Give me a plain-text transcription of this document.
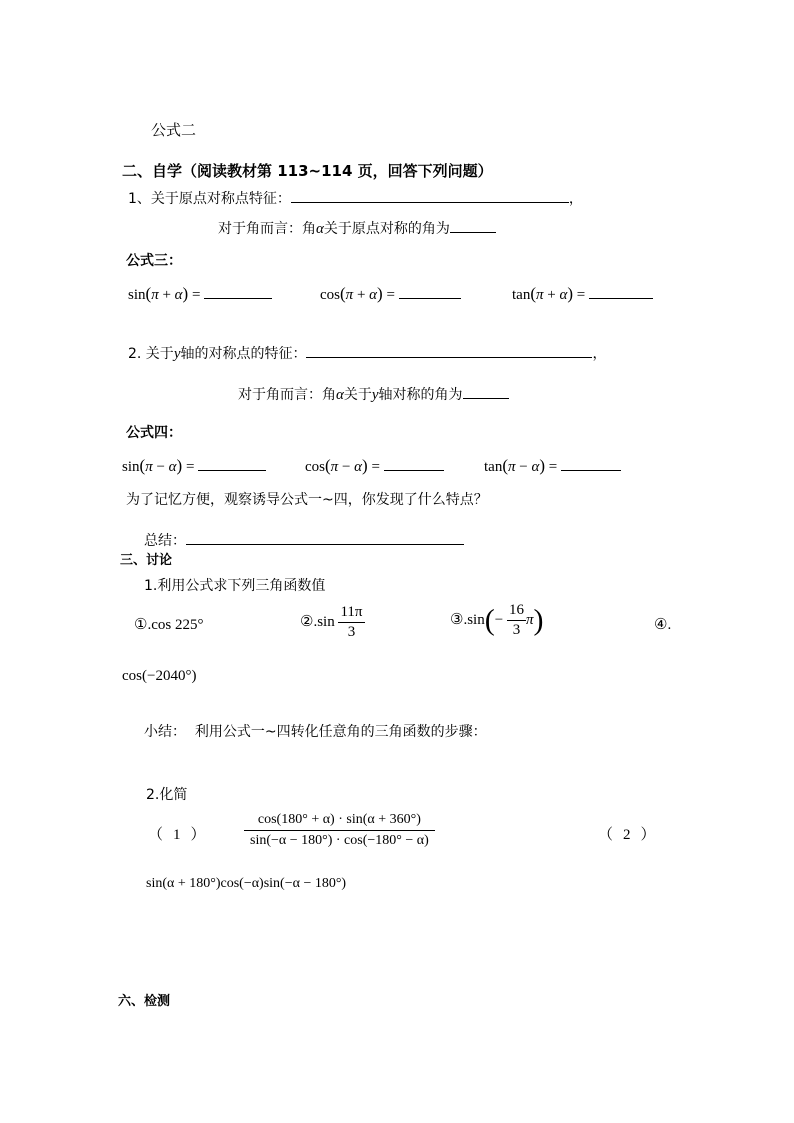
公式二
二、自学（阅读教材第 113~114 页，回答下列问题）
1、关于原点对称点特征：	，
对于角而言：角α关于原点对称的角为
公式三：
sin(π + α) =	cos(π + α) =	tan(π + α) =
2. 关于y轴的对称点的特征：	，
对于角而言：角α关于y轴对称的角为
公式四：
sin(π − α) =	cos(π − α) =	tan(π − α) =
为了记忆方便，观察诱导公式一~四，你发现了什么特点？
总结：
三、讨论
1.利用公式求下列三角函数值
①.cos 225°	②.sin $\frac{11\pi}{3}$	③.sin(− $\frac{16}{3} \pi$)	④.
cos(−2040°)
小结：  利用公式一~四转化任意角的三角函数的步骤：
2.化简
（ 1 ）	$\frac{\cos(180^\circ + \alpha) \cdot \sin(\alpha + 360^\circ)}{\sin(-\alpha - 180^\circ) \cdot \cos(-180^\circ - \alpha)}$	（ 2 ）
sin(α + 180°)cos(−α)sin(−α − 180°)
六、检测
